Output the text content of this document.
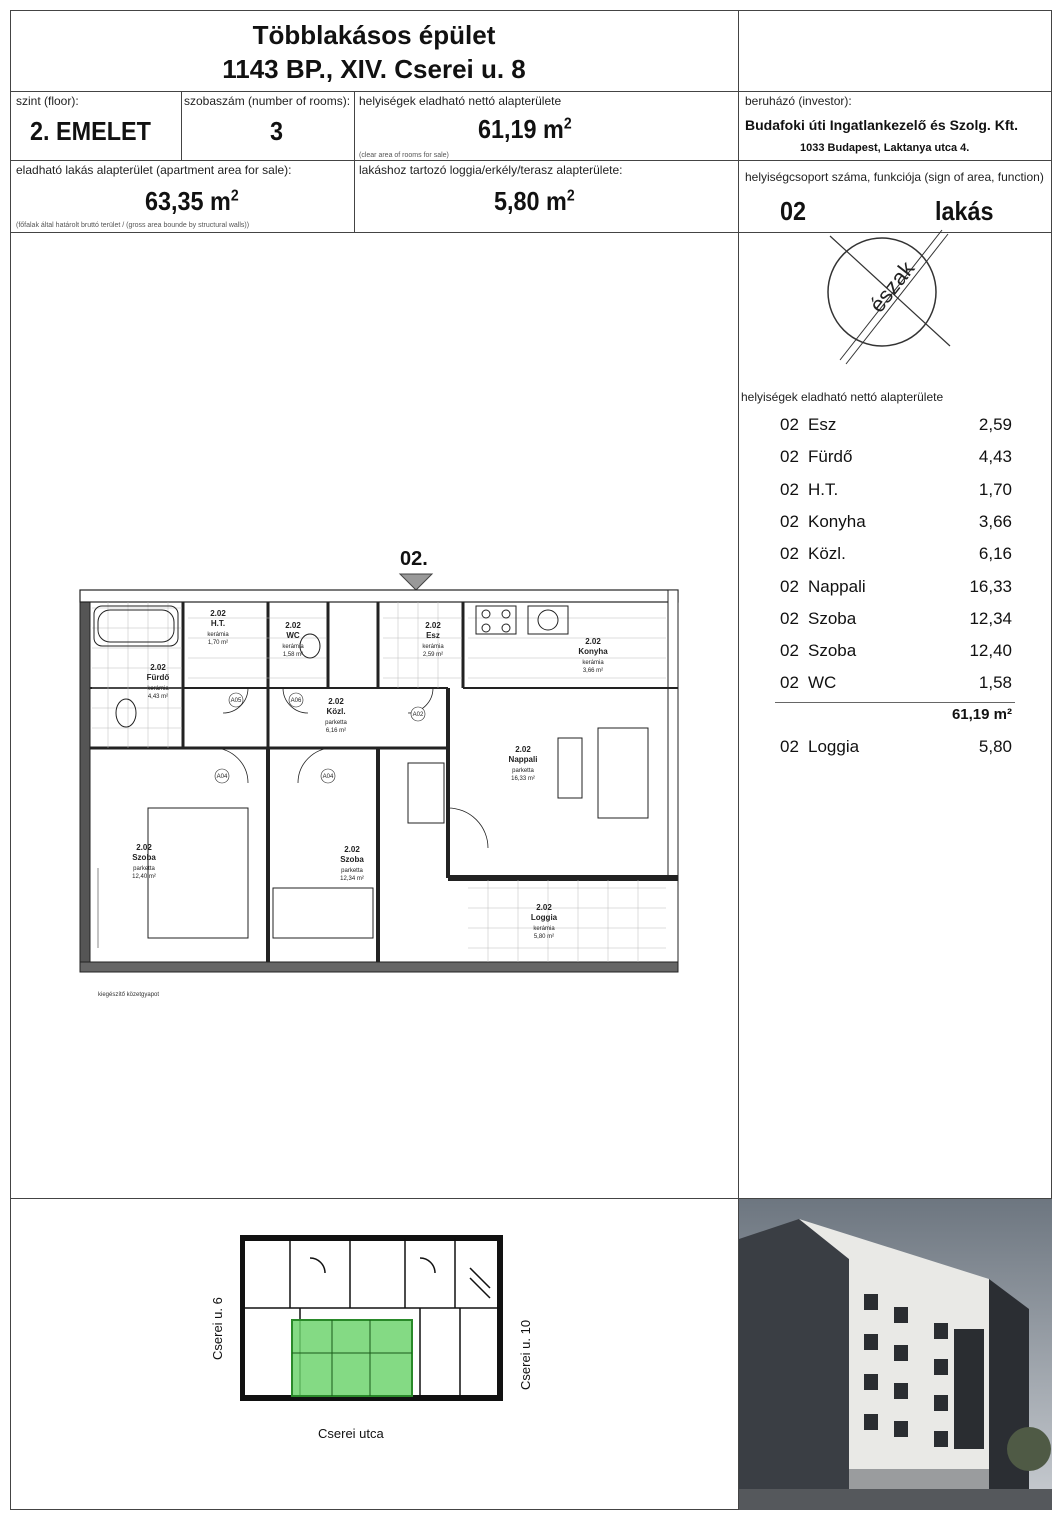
Többlakásos épület
1143 BP., XIV. Cserei u. 8
szint (floor):
2. EMELET
szobaszám (number of rooms):
3
helyiségek eladható nettó alapterülete
61,19 $m^2$
(clear area of rooms for sale)
beruházó (investor):
Budafoki úti Ingatlankezelő és Szolg. Kft.
1033 Budapest, Laktanya utca 4.
eladható lakás alapterület (apartment area for sale):
63,35 $m^2$
(főfalak által határolt bruttó terület / (gross area bounde by structural walls))
lakáshoz tartozó loggia/erkély/terasz alapterülete:
5,80 $m^2$
helyiségcsoport száma, funkciója (sign of area, function)
02	lakás
észak
helyiségek eladható nettó alapterülete
02 Esz	2,59
02 Fürdő	4,43
02 H.T.	1,70
02 Konyha	3,66
02 Közl.	6,16
02 Nappali	16,33
02 Szoba	12,34
02 Szoba	12,40
02 WC	1,58
61,19 m²
02 Loggia	5,80
02.
2.02
H.T.
kerámia
1,70 m²
2.02
WC
kerámia
1,58 m²
2.02
Esz
kerámia
2,59 m²
2.02
Konyha
kerámia
3,66 m²
2.02
Fürdő
kerámia
4,43 m²	2.02
Közl.
parketta
6,16 m²
2.02
Nappali
parketta
16,33 m²
2.02
Szoba
parketta
12,40 m²
2.02
Szoba
parketta
12,34 m²
2.02
Loggia
kerámia
5,80 m²
A04
A05	A06
A02
A04
kiegészítő közetgyapot
Cserei u. 6	Cserei u. 10
Cserei utca
